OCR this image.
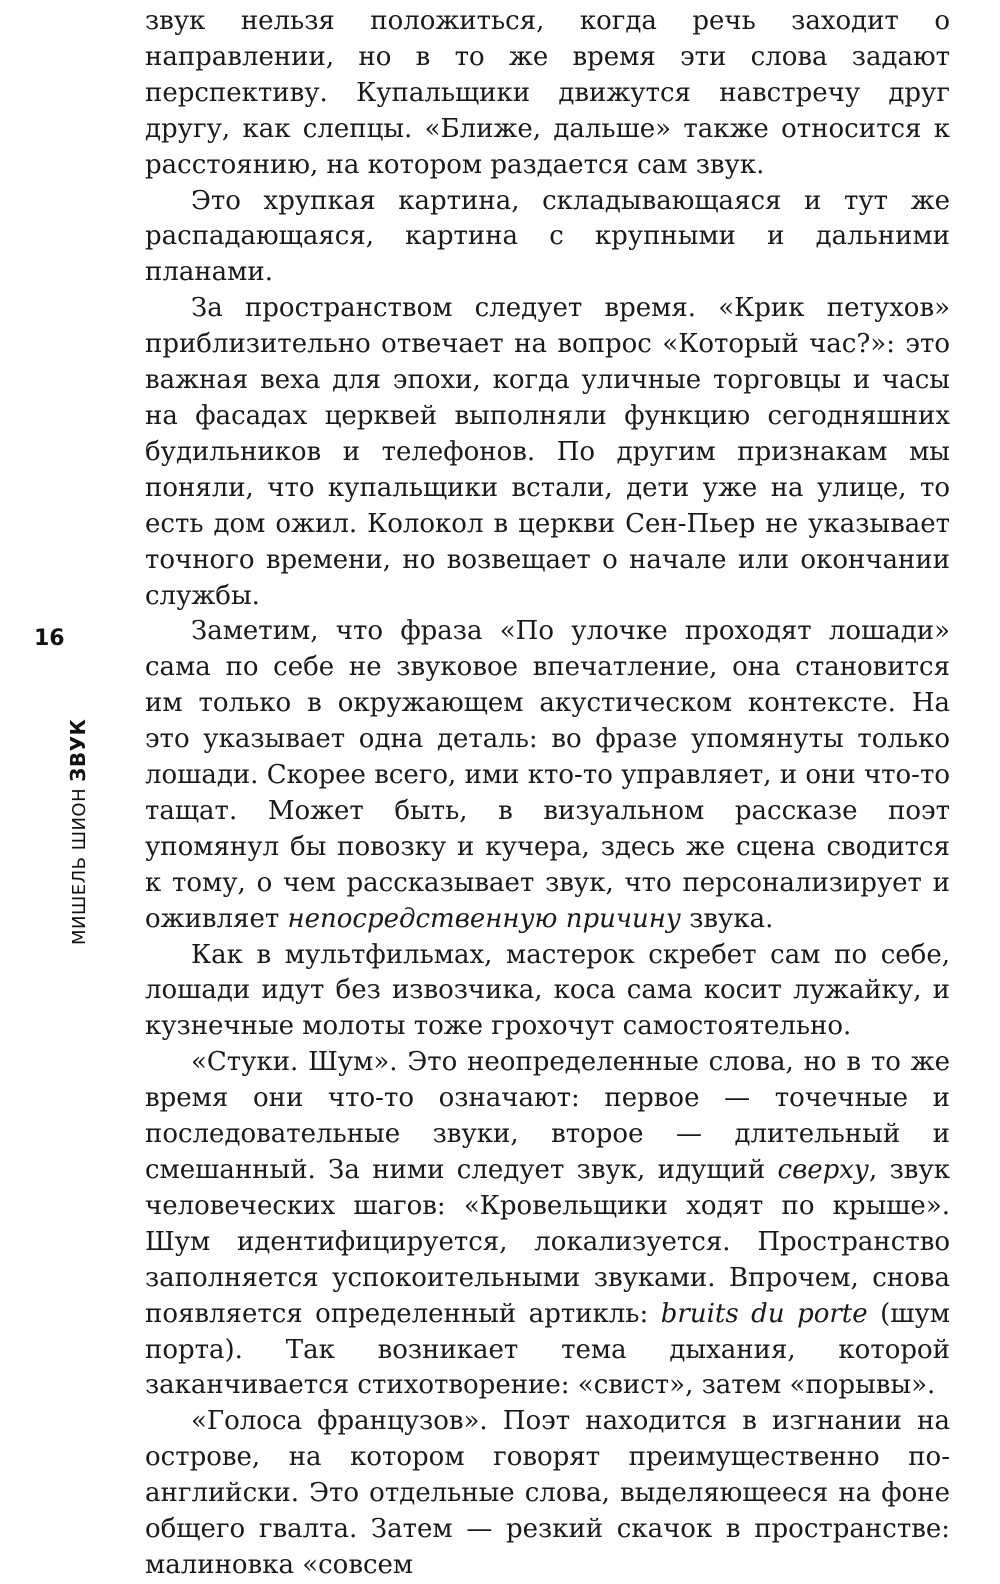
16
МИШЕЛЬ ШИОНЗВУК

звук нельзя положиться, когда речь заходит о направлении, но в то же время эти слова задают перспективу. Купальщики движутся навстречу друг другу, как слепцы. «Ближе, дальше» также относится к расстоянию, на котором раздается сам звук.

Это хрупкая картина, складывающаяся и тут же распадающаяся, картина с крупными и дальними планами.

За пространством следует время. «Крик петухов» приблизительно отвечает на вопрос «Который час?»: это важная веха для эпохи, когда уличные торговцы и часы на фасадах церквей выполняли функцию сегодняшних будильников и телефонов. По другим признакам мы поняли, что купальщики встали, дети уже на улице, то есть дом ожил. Колокол в церкви Сен-Пьер не указывает точного времени, но возвещает о начале или окончании службы.

Заметим, что фраза «По улочке проходят лошади» сама по себе не звуковое впечатление, она становится им только в окружающем акустическом контексте. На это указывает одна деталь: во фразе упомянуты только лошади. Скорее всего, ими кто-то управляет, и они что-то тащат. Может быть, в визуальном рассказе поэт упомянул бы повозку и кучера, здесь же сцена сводится к тому, о чем рассказывает звук, что персонализирует и оживляет непосредственную причину звука.

Как в мультфильмах, мастерок скребет сам по себе, лошади идут без извозчика, коса сама косит лужайку, и кузнечные молоты тоже грохочут самостоятельно.

«Стуки. Шум». Это неопределенные слова, но в то же время они что-то означают: первое — точечные и последовательные звуки, второе — длительный и смешанный. За ними следует звук, идущий сверху, звук человеческих шагов: «Кровельщики ходят по крыше». Шум идентифицируется, локализуется. Пространство заполняется успокоительными звуками. Впрочем, снова появляется определенный артикль: bruits du porte (шум порта). Так возникает тема дыхания, которой заканчивается стихотворение: «свист», затем «порывы».

«Голоса французов». Поэт находится в изгнании на острове, на котором говорят преимущественно по-английски. Это отдельные слова, выделяющееся на фоне общего гвалта. Затем — резкий скачок в пространстве: малиновка «совсем
